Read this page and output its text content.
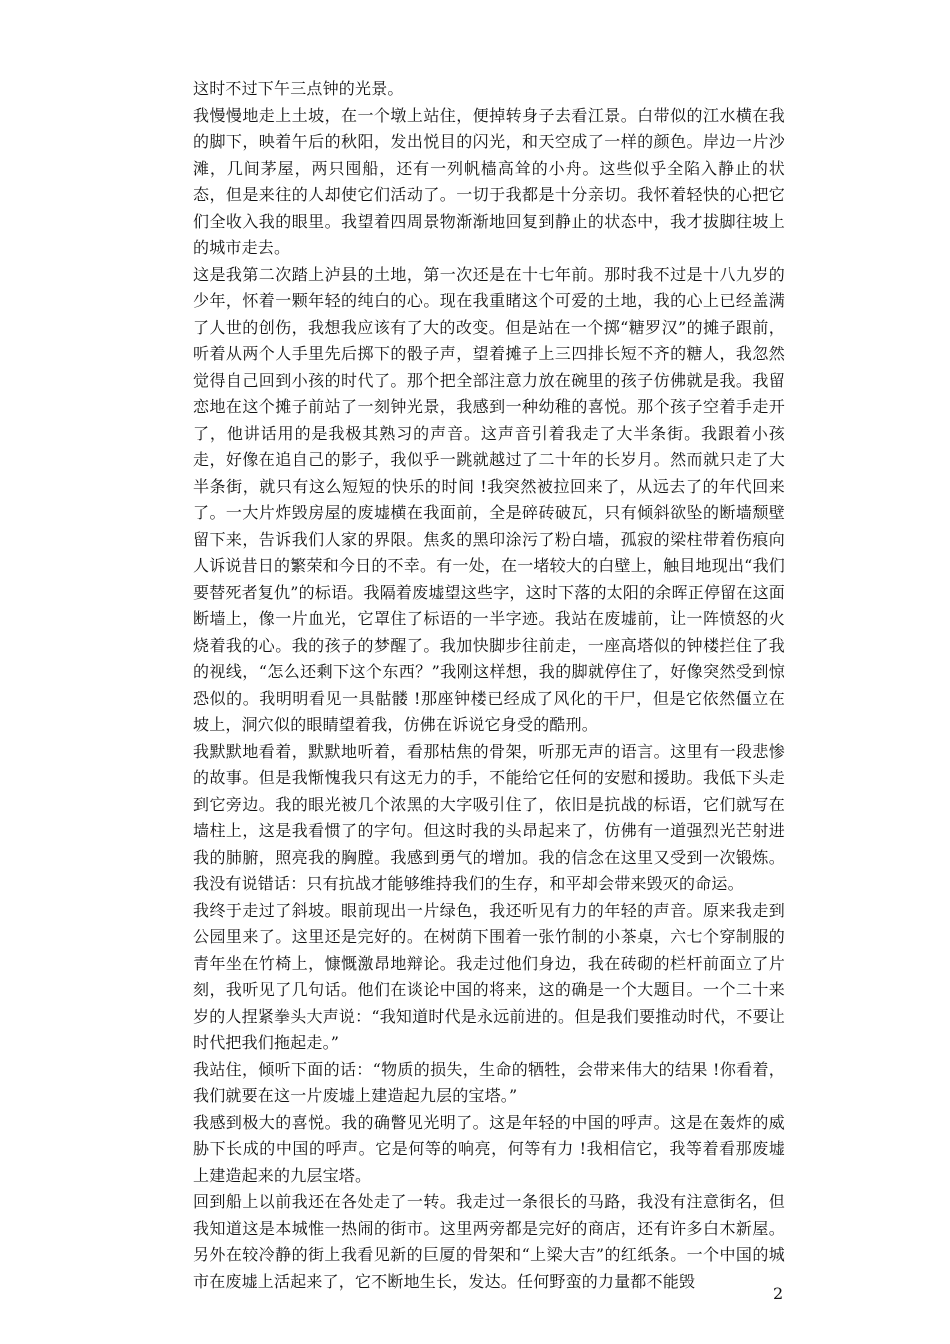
这时不过下午三点钟的光景。

我慢慢地走上土坡，在一个墩上站住，便掉转身子去看江景。白带似的江水横在我的脚下，映着午后的秋阳，发出悦目的闪光，和天空成了一样的颜色。岸边一片沙滩，几间茅屋，两只囤船，还有一列帆樯高耸的小舟。这些似乎全陷入静止的状态，但是来往的人却使它们活动了。一切于我都是十分亲切。我怀着轻快的心把它们全收入我的眼里。我望着四周景物渐渐地回复到静止的状态中，我才拔脚往坡上的城市走去。

这是我第二次踏上泸县的土地，第一次还是在十七年前。那时我不过是十八九岁的少年，怀着一颗年轻的纯白的心。现在我重睹这个可爱的土地，我的心上已经盖满了人世的创伤，我想我应该有了大的改变。但是站在一个掷“糖罗汉”的摊子跟前，听着从两个人手里先后掷下的骰子声，望着摊子上三四排长短不齐的糖人，我忽然觉得自己回到小孩的时代了。那个把全部注意力放在碗里的孩子仿佛就是我。我留恋地在这个摊子前站了一刻钟光景，我感到一种幼稚的喜悦。那个孩子空着手走开了，他讲话用的是我极其熟习的声音。这声音引着我走了大半条街。我跟着小孩走，好像在追自己的影子，我似乎一跳就越过了二十年的长岁月。然而就只走了大半条街，就只有这么短短的快乐的时间 !我突然被拉回来了，从远去了的年代回来了。一大片炸毁房屋的废墟横在我面前，全是碎砖破瓦，只有倾斜欲坠的断墙颓壁留下来，告诉我们人家的界限。焦炙的黑印涂污了粉白墙，孤寂的梁柱带着伤痕向人诉说昔日的繁荣和今日的不幸。有一处，在一堵较大的白壁上，触目地现出“我们要替死者复仇”的标语。我隔着废墟望这些字，这时下落的太阳的余晖正停留在这面断墙上，像一片血光，它罩住了标语的一半字迹。我站在废墟前，让一阵愤怒的火烧着我的心。我的孩子的梦醒了。我加快脚步往前走，一座高塔似的钟楼拦住了我的视线，“怎么还剩下这个东西？”我刚这样想，我的脚就停住了，好像突然受到惊恐似的。我明明看见一具骷髅 !那座钟楼已经成了风化的干尸，但是它依然僵立在坡上，洞穴似的眼睛望着我，仿佛在诉说它身受的酷刑。

我默默地看着，默默地听着，看那枯焦的骨架，听那无声的语言。这里有一段悲惨的故事。但是我惭愧我只有这无力的手，不能给它任何的安慰和援助。我低下头走到它旁边。我的眼光被几个浓黑的大字吸引住了，依旧是抗战的标语，它们就写在墙柱上，这是我看惯了的字句。但这时我的头昂起来了，仿佛有一道强烈光芒射进我的肺腑，照亮我的胸膛。我感到勇气的增加。我的信念在这里又受到一次锻炼。我没有说错话：只有抗战才能够维持我们的生存，和平却会带来毁灭的命运。

我终于走过了斜坡。眼前现出一片绿色，我还听见有力的年轻的声音。原来我走到公园里来了。这里还是完好的。在树荫下围着一张竹制的小茶桌，六七个穿制服的青年坐在竹椅上，慷慨激昂地辩论。我走过他们身边，我在砖砌的栏杆前面立了片刻，我听见了几句话。他们在谈论中国的将来，这的确是一个大题目。一个二十来岁的人捏紧拳头大声说：“我知道时代是永远前进的。但是我们要推动时代，不要让时代把我们拖起走。”

我站住，倾听下面的话：“物质的损失，生命的牺牲，会带来伟大的结果 !你看着，我们就要在这一片废墟上建造起九层的宝塔。”

我感到极大的喜悦。我的确瞥见光明了。这是年轻的中国的呼声。这是在轰炸的威胁下长成的中国的呼声。它是何等的响亮，何等有力 !我相信它，我等着看那废墟上建造起来的九层宝塔。

回到船上以前我还在各处走了一转。我走过一条很长的马路，我没有注意街名，但我知道这是本城惟一热闹的街市。这里两旁都是完好的商店，还有许多白木新屋。另外在较冷静的街上我看见新的巨厦的骨架和“上梁大吉”的红纸条。一个中国的城市在废墟上活起来了，它不断地生长，发达。任何野蛮的力量都不能毁

2
